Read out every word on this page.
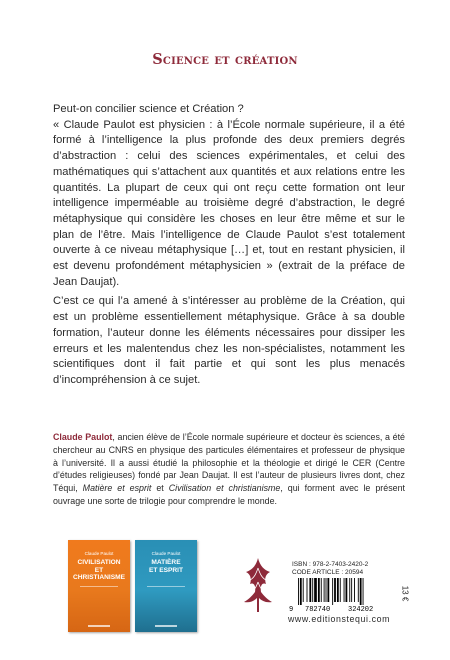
Science et création

Peut-on concilier science et Création ?

« Claude Paulot est physicien : à l’École normale supérieure, il a été formé à l’intelligence la plus profonde des deux premiers degrés d’abstraction : celui des sciences expérimentales, et celui des mathématiques qui s’attachent aux quantités et aux relations entre les quantités. La plupart de ceux qui ont reçu cette formation ont leur intelligence imperméable au troisième degré d’abstraction, le degré métaphysique qui considère les choses en leur être même et sur le plan de l’être. Mais l’intelligence de Claude Paulot s’est totalement ouverte à ce niveau métaphysique […] et, tout en restant physicien, il est devenu profondément métaphysicien » (extrait de la préface de Jean Daujat).

C’est ce qui l’a amené à s’intéresser au problème de la Création, qui est un problème essentiellement métaphysique. Grâce à sa double formation, l’auteur donne les éléments nécessaires pour dissiper les erreurs et les malentendus chez les non-spécialistes, notamment les scientifiques dont il fait partie et qui sont les plus menacés d’incompréhension à ce sujet.

Claude Paulot, ancien élève de l’École normale supérieure et docteur ès sciences, a été chercheur au CNRS en physique des particules élémentaires et professeur de physique à l’université. Il a aussi étudié la philosophie et la théologie et dirigé le CER (Centre d’études religieuses) fondé par Jean Daujat. Il est l’auteur de plusieurs livres dont, chez Téqui, Matière et esprit et Civilisation et christianisme, qui forment avec le présent ouvrage une sorte de trilogie pour comprendre le monde.
Claude Paulot
CIVILISATION
ET
CHRISTIANISME
Claude Paulot
MATIÈRE
ET ESPRIT
ISBN : 978-2-7403-2420-2
CODE ARTICLE : 20594
9 782740	324202
13 €
www.editionstequi.com
